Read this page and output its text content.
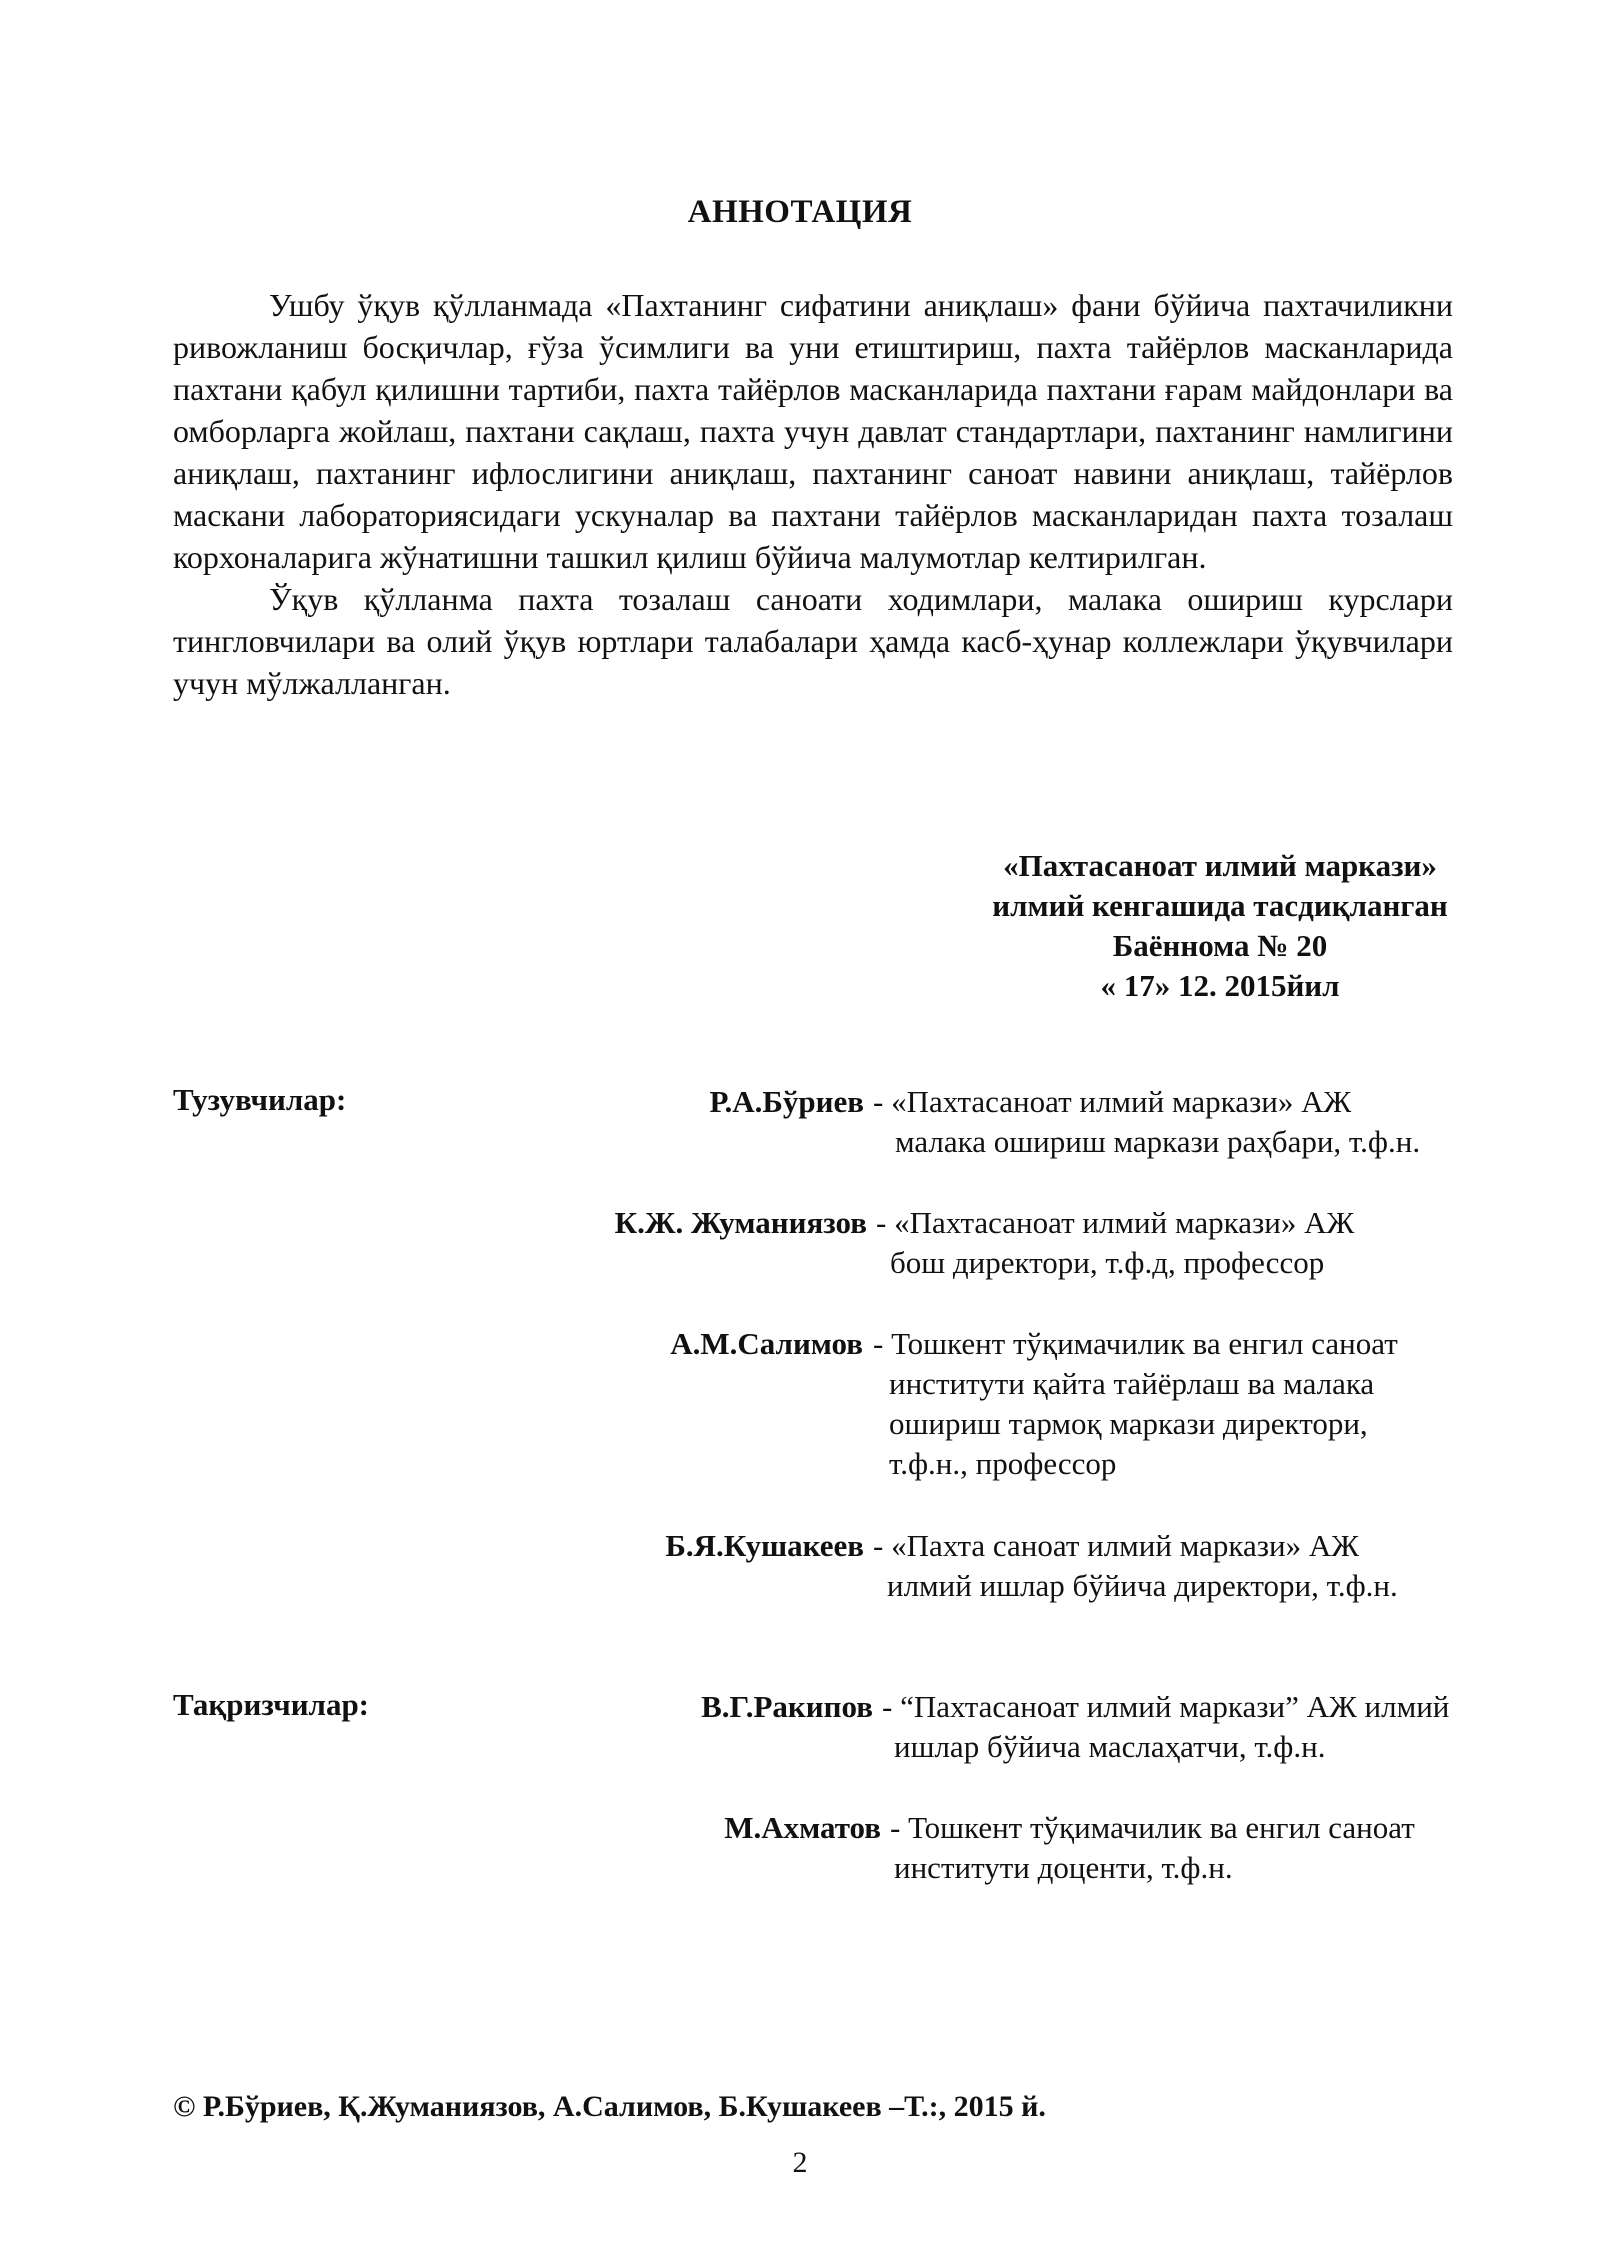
АННОТАЦИЯ

Ушбу ўқув қўлланмада «Пахтанинг сифатини аниқлаш» фани бўйича пахтачиликни ривожланиш босқичлар, ғўза ўсимлиги ва уни етиштириш, пахта тайёрлов масканларида пахтани қабул қилишни тартиби, пахта тайёрлов масканларида пахтани ғарам майдонлари ва омборларга жойлаш, пахтани сақлаш, пахта учун давлат стандартлари, пахтанинг намлигини аниқлаш, пахтанинг ифлослигини аниқлаш, пахтанинг саноат навини аниқлаш, тайёрлов маскани лабораториясидаги ускуналар ва пахтани тайёрлов масканларидан пахта тозалаш корхоналарига жўнатишни ташкил қилиш бўйича малумотлар келтирилган.

Ўқув қўлланма пахта тозалаш саноати ходимлари, малака ошириш курслари тингловчилари ва олий ўқув юртлари талабалари ҳамда касб-ҳунар коллежлари ўқувчилари учун мўлжалланган.

«Пахтасаноат илмий маркази»
илмий кенгашида тасдиқланган
Баённома № 20
« 17» 12. 2015йил
Тузувчилар:	Р.А.Бўриев - «Пахтасаноат илмий маркази» АЖ
малака ошириш маркази раҳбари, т.ф.н.
К.Ж. Жуманиязов - «Пахтасаноат илмий маркази» АЖ
бош директори, т.ф.д, профессор
А.М.Салимов - Тошкент тўқимачилик ва енгил саноат
институти қайта тайёрлаш ва малака
ошириш тармоқ маркази директори,
т.ф.н., профессор
Б.Я.Кушакеев - «Пахта саноат илмий маркази» АЖ
илмий ишлар бўйича директори, т.ф.н.
Тақризчилар:	В.Г.Ракипов - “Пахтасаноат илмий маркази” АЖ илмий
ишлар бўйича маслаҳатчи, т.ф.н.
М.Ахматов - Тошкент тўқимачилик ва енгил саноат
институти доценти, т.ф.н.
© Р.Бўриев, Қ.Жуманиязов, А.Салимов, Б.Кушакеев –Т.:, 2015 й.
2
